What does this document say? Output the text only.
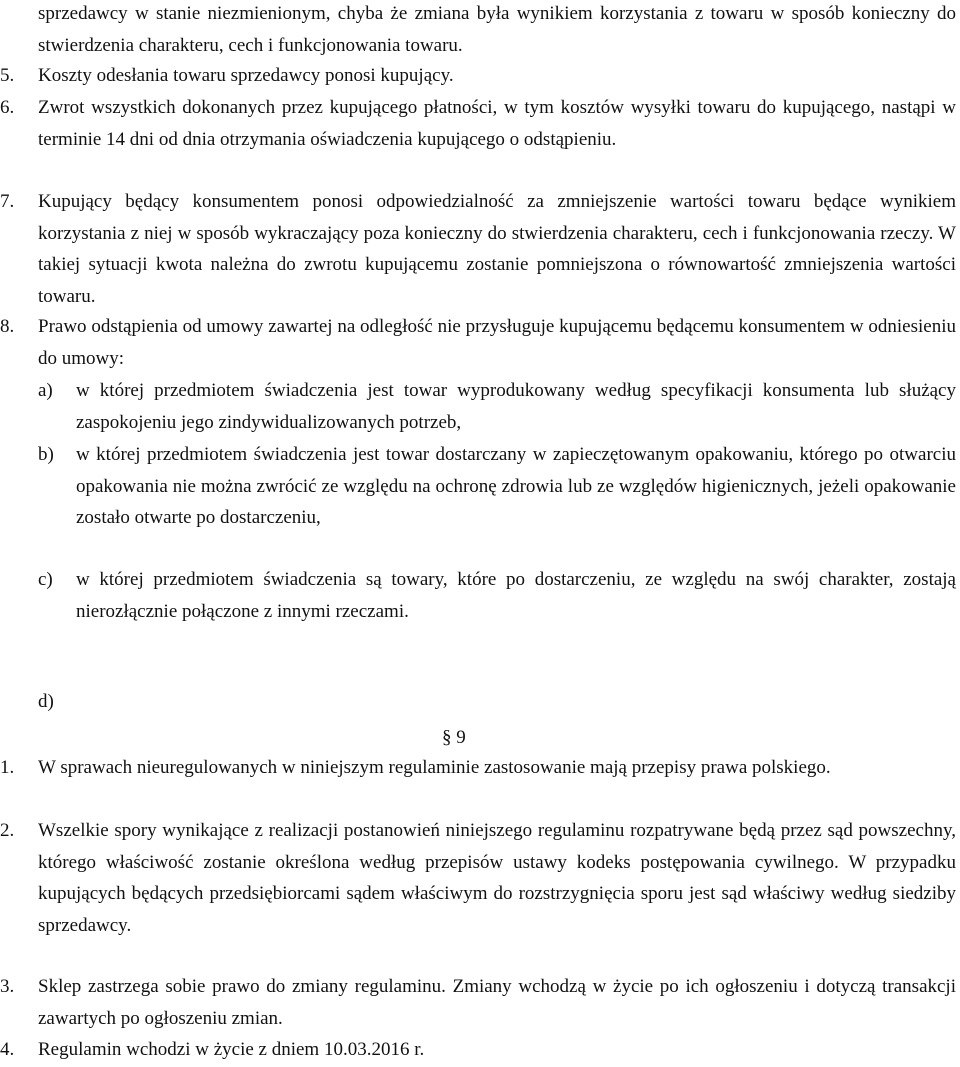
sprzedawcy w stanie niezmienionym, chyba że zmiana była wynikiem korzystania z towaru w sposób konieczny do stwierdzenia charakteru, cech i funkcjonowania towaru.
5.	Koszty odesłania towaru sprzedawcy ponosi kupujący.
6.	Zwrot wszystkich dokonanych przez kupującego płatności, w tym kosztów wysyłki towaru do kupującego, nastąpi w terminie 14 dni od dnia otrzymania oświadczenia kupującego o odstąpieniu.
7.	Kupujący będący konsumentem ponosi odpowiedzialność za zmniejszenie wartości towaru będące wynikiem korzystania z niej w sposób wykraczający poza konieczny do stwierdzenia charakteru, cech i funkcjonowania rzeczy. W takiej sytuacji kwota należna do zwrotu kupującemu zostanie pomniejszona o równowartość zmniejszenia wartości towaru.
8.	Prawo odstąpienia od umowy zawartej na odległość nie przysługuje kupującemu będącemu konsumentem w odniesieniu do umowy:
a)	w której przedmiotem świadczenia jest towar wyprodukowany według specyfikacji konsumenta lub służący zaspokojeniu jego zindywidualizowanych potrzeb,
b)	w której przedmiotem świadczenia jest towar dostarczany w zapieczętowanym opakowaniu, którego po otwarciu opakowania nie można zwrócić ze względu na ochronę zdrowia lub ze względów higienicznych, jeżeli opakowanie zostało otwarte po dostarczeniu,
c)	w której przedmiotem świadczenia są towary, które po dostarczeniu, ze względu na swój charakter, zostają nierozłącznie połączone z innymi rzeczami.
d)
§ 9
1.	W sprawach nieuregulowanych w niniejszym regulaminie zastosowanie mają przepisy prawa polskiego.
2.	Wszelkie spory wynikające z realizacji postanowień niniejszego regulaminu rozpatrywane będą przez sąd powszechny, którego właściwość zostanie określona według przepisów ustawy kodeks postępowania cywilnego. W przypadku kupujących będących przedsiębiorcami sądem właściwym do rozstrzygnięcia sporu jest sąd właściwy według siedziby sprzedawcy.
3.	Sklep zastrzega sobie prawo do zmiany regulaminu. Zmiany wchodzą w życie po ich ogłoszeniu i dotyczą transakcji zawartych po ogłoszeniu zmian.
4.	Regulamin wchodzi w życie z dniem 10.03.2016 r.
